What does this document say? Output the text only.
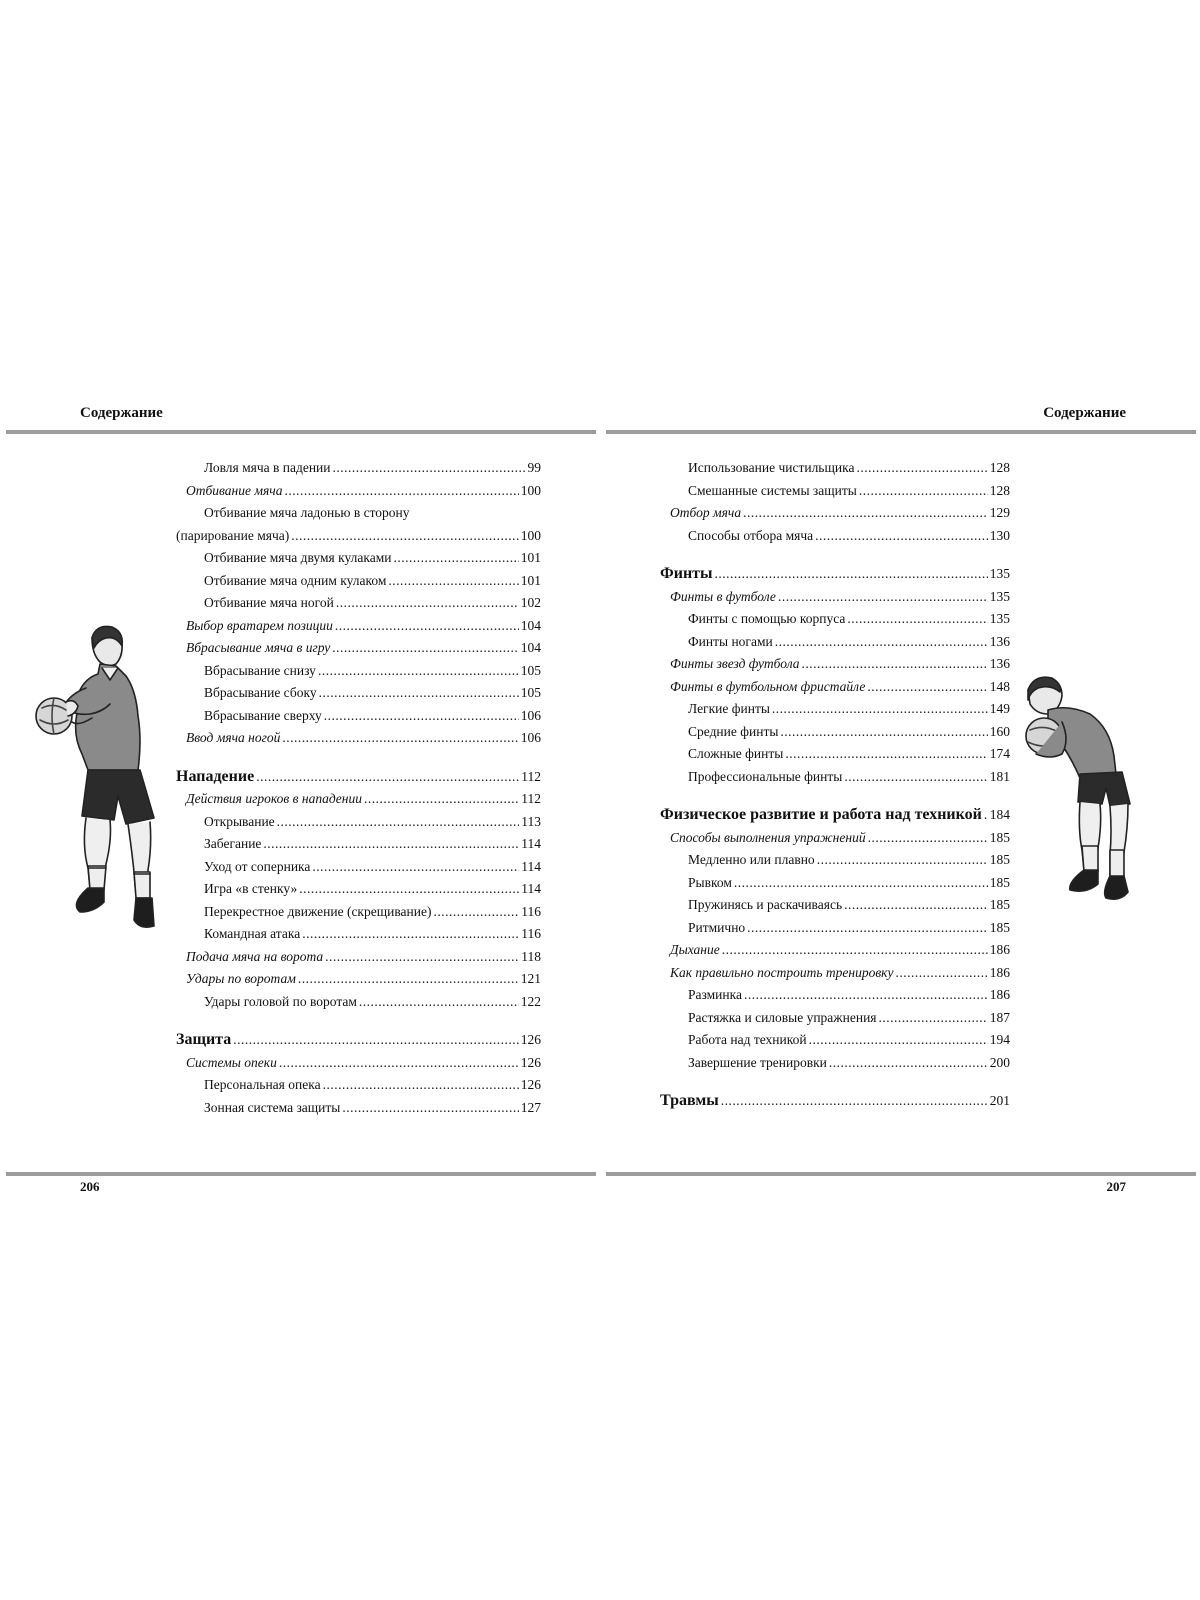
Содержание
Ловля мяча в падении .....	99
Отбивание мяча .....	100
Отбивание мяча ладонью в сторону
(парирование мяча) .....	100
Отбивание мяча двумя кулаками .....	101
Отбивание мяча одним кулаком .....	101
Отбивание мяча ногой .....	102
Выбор вратарем позиции .....	104
Вбрасывание мяча в игру .....	104
Вбрасывание снизу .....	105
Вбрасывание сбоку .....	105
Вбрасывание сверху .....	106
Ввод мяча ногой .....	106
Нападение .....	112
Действия игроков в нападении .....	112
Открывание .....	113
Забегание .....	114
Уход от соперника .....	114
Игра «в стенку» .....	114
Перекрестное движение (скрещивание) .....	116
Командная атака .....	116
Подача мяча на ворота .....	118
Удары по воротам .....	121
Удары головой по воротам .....	122
Защита .....	126
Системы опеки .....	126
Персональная опека .....	126
Зонная система защиты .....	127
206
Содержание
Использование чистильщика .....	128
Смешанные системы защиты .....	128
Отбор мяча .....	129
Способы отбора мяча .....	130
Финты .....	135
Финты в футболе .....	135
Финты с помощью корпуса .....	135
Финты ногами .....	136
Финты звезд футбола .....	136
Финты в футбольном фристайле .....	148
Легкие финты .....	149
Средние финты .....	160
Сложные финты .....	174
Профессиональные финты .....	181
Физическое развитие и работа над техникой ..... 184
Способы выполнения упражнений .....	185
Медленно или плавно .....	185
Рывком .....	185
Пружинясь и раскачиваясь .....	185
Ритмично .....	185
Дыхание .....	186
Как правильно построить тренировку .....	186
Разминка .....	186
Растяжка и силовые упражнения .....	187
Работа над техникой .....	194
Завершение тренировки .....	200
Травмы .....	201
207
